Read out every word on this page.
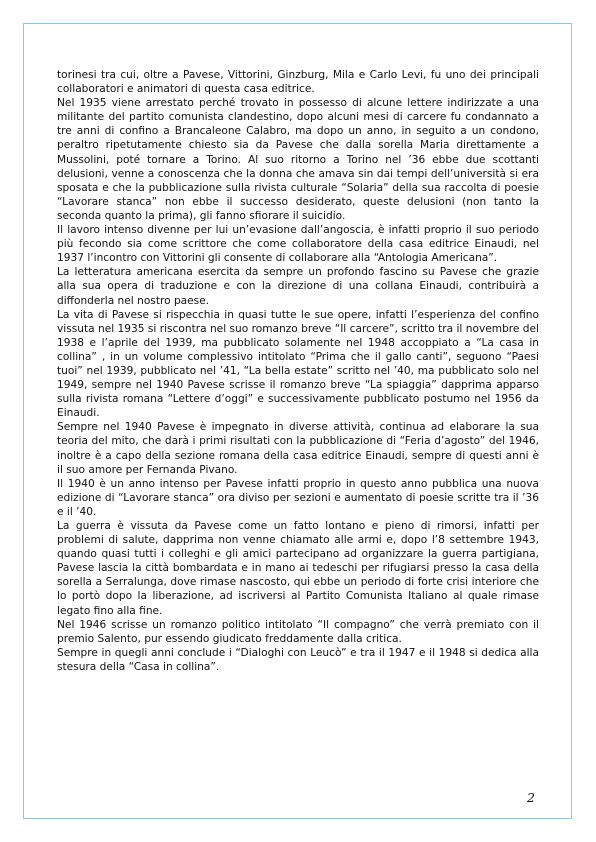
torinesi tra cui, oltre a Pavese, Vittorini, Ginzburg, Mila e Carlo Levi, fu uno dei principali collaboratori e animatori di questa casa editrice.

Nel 1935 viene arrestato perché trovato in possesso di alcune lettere indirizzate a una militante del partito comunista clandestino, dopo alcuni mesi di carcere fu condannato a tre anni di confino a Brancaleone Calabro, ma dopo un anno, in seguito a un condono, peraltro ripetutamente chiesto sia da Pavese che dalla sorella Maria direttamente a Mussolini, poté tornare a Torino. Al suo ritorno a Torino nel ’36 ebbe due scottanti delusioni, venne a conoscenza che la donna che amava sin dai tempi dell’università si era sposata e che la pubblicazione sulla rivista culturale “Solaria” della sua raccolta di poesie “Lavorare stanca” non ebbe il successo desiderato, queste delusioni (non tanto la seconda quanto la prima), gli fanno sfiorare il suicidio.

Il lavoro intenso divenne per lui un’evasione dall’angoscia, è infatti proprio il suo periodo più fecondo sia come scrittore che come collaboratore della casa editrice Einaudi, nel 1937 l’incontro con Vittorini gli consente di collaborare alla “Antologia Americana”.

La letteratura americana esercita da sempre un profondo fascino su Pavese che grazie alla sua opera di traduzione e con la direzione di una collana Einaudi, contribuirà a diffonderla nel nostro paese.

La vita di Pavese si rispecchia in quasi tutte le sue opere, infatti l’esperienza del confino vissuta nel 1935 si riscontra nel suo romanzo breve “Il carcere”, scritto tra il novembre del 1938 e l’aprile del 1939, ma pubblicato solamente nel 1948 accoppiato a “La casa in collina” , in un volume complessivo intitolato “Prima che il gallo canti”, seguono “Paesi tuoi” nel 1939, pubblicato nel ’41, “La bella estate” scritto nel ’40, ma pubblicato solo nel 1949, sempre nel 1940 Pavese scrisse il romanzo breve “La spiaggia” dapprima apparso sulla rivista romana “Lettere d’oggi” e successivamente pubblicato postumo nel 1956 da Einaudi.

Sempre nel 1940 Pavese è impegnato in diverse attività, continua ad elaborare la sua teoria del mito, che darà i primi risultati con la pubblicazione di “Feria d’agosto” del 1946, inoltre è a capo della sezione romana della casa editrice Einaudi, sempre di questi anni è il suo amore per Fernanda Pivano.

Il 1940 è un anno intenso per Pavese infatti proprio in questo anno pubblica una nuova edizione di “Lavorare stanca” ora diviso per sezioni e aumentato di poesie scritte tra il ’36 e il ’40.

La guerra è vissuta da Pavese come un fatto lontano e pieno di rimorsi, infatti per problemi di salute, dapprima non venne chiamato alle armi e, dopo l’8 settembre 1943, quando quasi tutti i colleghi e gli amici partecipano ad organizzare la guerra partigiana, Pavese lascia la città bombardata e in mano ai tedeschi per rifugiarsi presso la casa della sorella a Serralunga, dove rimase nascosto, qui ebbe un periodo di forte crisi interiore che lo portò dopo la liberazione, ad iscriversi al Partito Comunista Italiano al quale rimase legato fino alla fine.

Nel 1946 scrisse un romanzo politico intitolato “Il compagno” che verrà premiato con il premio Salento, pur essendo giudicato freddamente dalla critica.

Sempre in quegli anni conclude i “Dialoghi con Leucò” e tra il 1947 e il 1948 si dedica alla stesura della “Casa in collina”.

2
